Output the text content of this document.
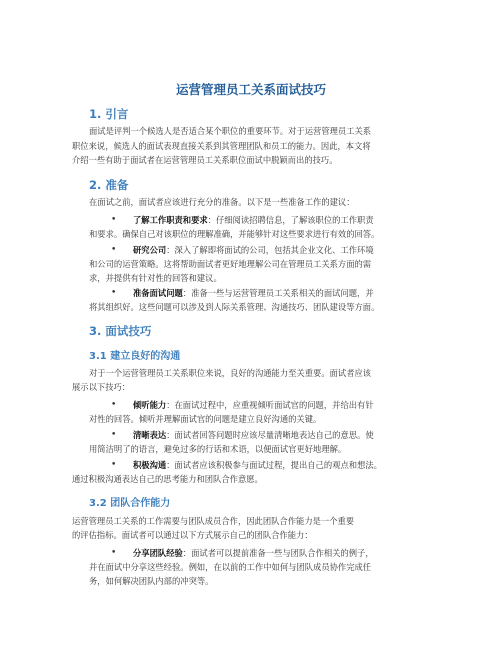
运营管理员工关系面试技巧
1. 引言
面试是评判一个候选人是否适合某个职位的重要环节。对于运营管理员工关系
职位来说，候选人的面试表现直接关系到其管理团队和员工的能力。因此，本文将
介绍一些有助于面试者在运营管理员工关系职位面试中脱颖而出的技巧。
2. 准备
在面试之前，面试者应该进行充分的准备。以下是一些准备工作的建议：
• 了解工作职责和要求：仔细阅读招聘信息，了解该职位的工作职责
和要求。确保自己对该职位的理解准确，并能够针对这些要求进行有效的回答。
• 研究公司：深入了解即将面试的公司，包括其企业文化、工作环境
和公司的运营策略。这将帮助面试者更好地理解公司在管理员工关系方面的需
求，并提供有针对性的回答和建议。
• 准备面试问题：准备一些与运营管理员工关系相关的面试问题，并
将其组织好。这些问题可以涉及到人际关系管理、沟通技巧、团队建设等方面。
3. 面试技巧
3.1 建立良好的沟通
对于一个运营管理员工关系职位来说，良好的沟通能力至关重要。面试者应该
展示以下技巧：
• 倾听能力：在面试过程中，应重视倾听面试官的问题，并给出有针
对性的回答。倾听并理解面试官的问题是建立良好沟通的关键。
• 清晰表达：面试者回答问题时应该尽量清晰地表达自己的意思。使
用简洁明了的语言，避免过多的行话和术语，以便面试官更好地理解。
• 积极沟通：面试者应该积极参与面试过程，提出自己的观点和想法。
通过积极沟通表达自己的思考能力和团队合作意愿。
3.2 团队合作能力
运营管理员工关系的工作需要与团队成员合作，因此团队合作能力是一个重要
的评估指标。面试者可以通过以下方式展示自己的团队合作能力：
• 分享团队经验：面试者可以提前准备一些与团队合作相关的例子，
并在面试中分享这些经验。例如，在以前的工作中如何与团队成员协作完成任
务，如何解决团队内部的冲突等。
